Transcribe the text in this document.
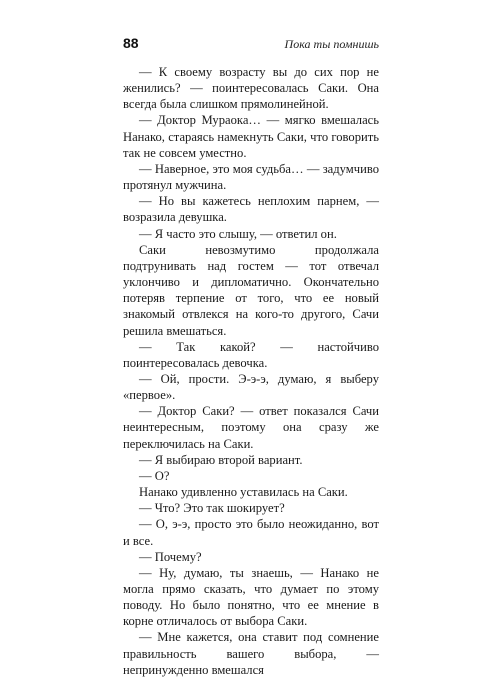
88	Пока ты помнишь

— К своему возрасту вы до сих пор не женились? — поинтересовалась Саки. Она всегда была слишком прямолинейной.

— Доктор Мураока… — мягко вмешалась Нанако, стараясь намекнуть Саки, что говорить так не совсем уместно.

— Наверное, это моя судьба… — задумчиво протянул мужчина.

— Но вы кажетесь неплохим парнем, — возразила девушка.

— Я часто это слышу, — ответил он.

Саки невозмутимо продолжала подтрунивать над гостем — тот отвечал уклончиво и дипломатично. Окончательно потеряв терпение от того, что ее новый знакомый отвлекся на кого-то другого, Сачи решила вмешаться.

— Так какой? — настойчиво поинтересовалась девочка.

— Ой, прости. Э-э-э, думаю, я выберу «первое».

— Доктор Саки? — ответ показался Сачи неинтересным, поэтому она сразу же переключилась на Саки.

— Я выбираю второй вариант.

— О?

Нанако удивленно уставилась на Саки.

— Что? Это так шокирует?

— О, э-э, просто это было неожиданно, вот и все.

— Почему?

— Ну, думаю, ты знаешь, — Нанако не могла прямо сказать, что думает по этому поводу. Но было понятно, что ее мнение в корне отличалось от выбора Саки.

— Мне кажется, она ставит под сомнение правильность вашего выбора, — непринужденно вмешался
